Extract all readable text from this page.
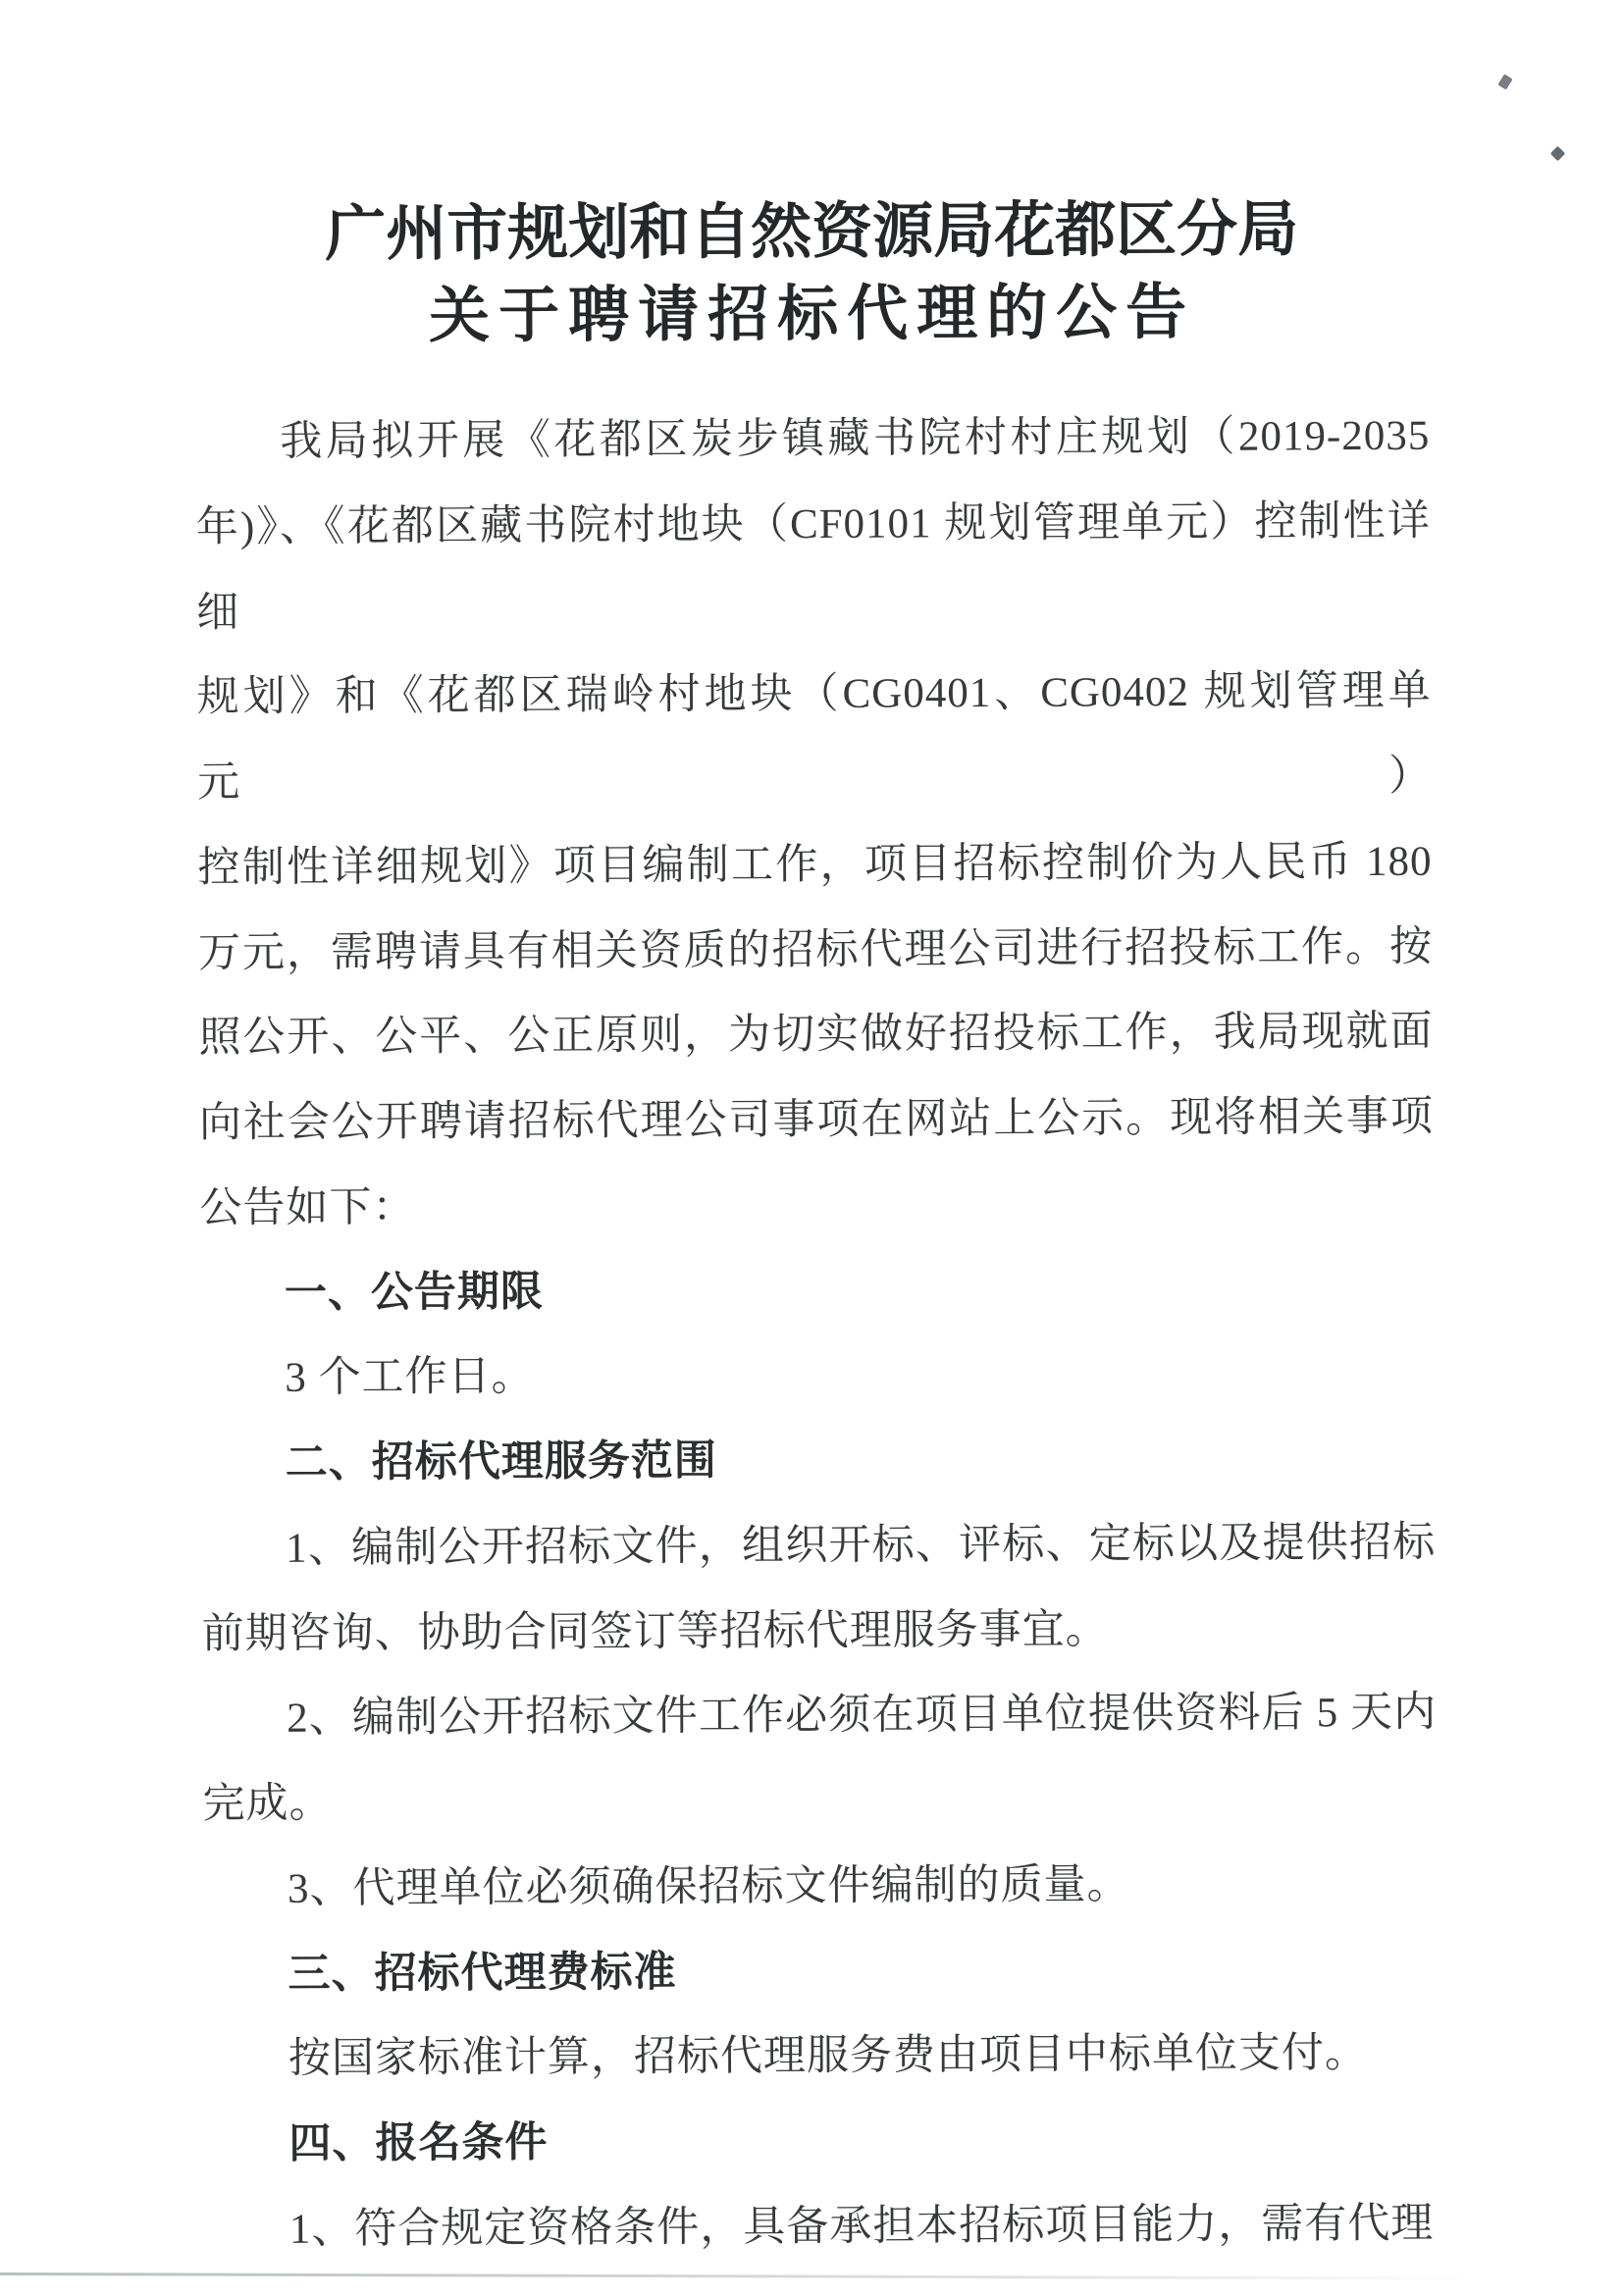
广州市规划和自然资源局花都区分局
关于聘请招标代理的公告
我局拟开展《花都区炭步镇藏书院村村庄规划（2019-2035
年)》、《花都区藏书院村地块（CF0101 规划管理单元）控制性详细
规划》和《花都区瑞岭村地块（CG0401、CG0402 规划管理单元）
控制性详细规划》项目编制工作，项目招标控制价为人民币 180
万元，需聘请具有相关资质的招标代理公司进行招投标工作。按
照公开、公平、公正原则，为切实做好招投标工作，我局现就面
向社会公开聘请招标代理公司事项在网站上公示。现将相关事项
公告如下：
一、公告期限
3 个工作日。
二、招标代理服务范围
1、编制公开招标文件，组织开标、评标、定标以及提供招标
前期咨询、协助合同签订等招标代理服务事宜。
2、编制公开招标文件工作必须在项目单位提供资料后 5 天内
完成。
3、代理单位必须确保招标文件编制的质量。
三、招标代理费标准
按国家标准计算，招标代理服务费由项目中标单位支付。
四、报名条件
1、符合规定资格条件，具备承担本招标项目能力，需有代理
